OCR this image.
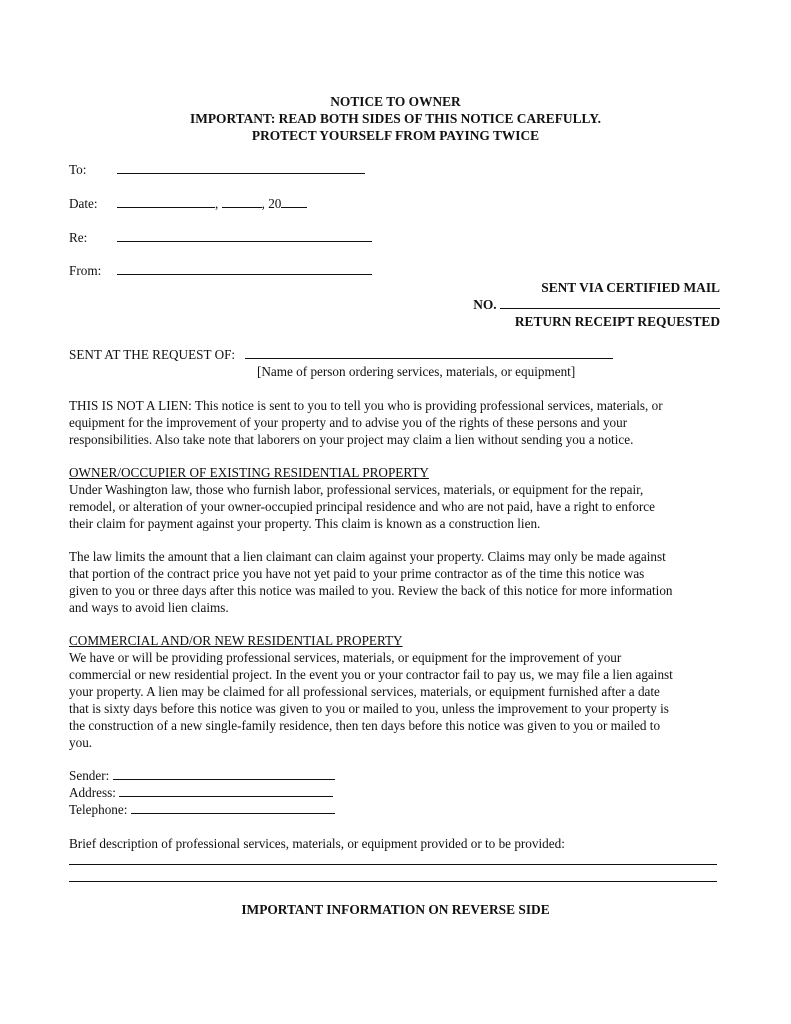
NOTICE TO OWNER
IMPORTANT: READ BOTH SIDES OF THIS NOTICE CAREFULLY.
PROTECT YOURSELF FROM PAYING TWICE
To:
Date:	,	, 20
Re:
From:
SENT VIA CERTIFIED MAIL
NO.
RETURN RECEIPT REQUESTED
SENT AT THE REQUEST OF:
[Name of person ordering services, materials, or equipment]
THIS IS NOT A LIEN: This notice is sent to you to tell you who is providing professional services, materials, or
equipment for the improvement of your property and to advise you of the rights of these persons and your
responsibilities. Also take note that laborers on your project may claim a lien without sending you a notice.
OWNER/OCCUPIER OF EXISTING RESIDENTIAL PROPERTY
Under Washington law, those who furnish labor, professional services, materials, or equipment for the repair,
remodel, or alteration of your owner-occupied principal residence and who are not paid, have a right to enforce
their claim for payment against your property. This claim is known as a construction lien.
The law limits the amount that a lien claimant can claim against your property. Claims may only be made against
that portion of the contract price you have not yet paid to your prime contractor as of the time this notice was
given to you or three days after this notice was mailed to you. Review the back of this notice for more information
and ways to avoid lien claims.
COMMERCIAL AND/OR NEW RESIDENTIAL PROPERTY
We have or will be providing professional services, materials, or equipment for the improvement of your
commercial or new residential project. In the event you or your contractor fail to pay us, we may file a lien against
your property. A lien may be claimed for all professional services, materials, or equipment furnished after a date
that is sixty days before this notice was given to you or mailed to you, unless the improvement to your property is
the construction of a new single-family residence, then ten days before this notice was given to you or mailed to
you.
Sender:
Address:
Telephone:
Brief description of professional services, materials, or equipment provided or to be provided:
IMPORTANT INFORMATION ON REVERSE SIDE
